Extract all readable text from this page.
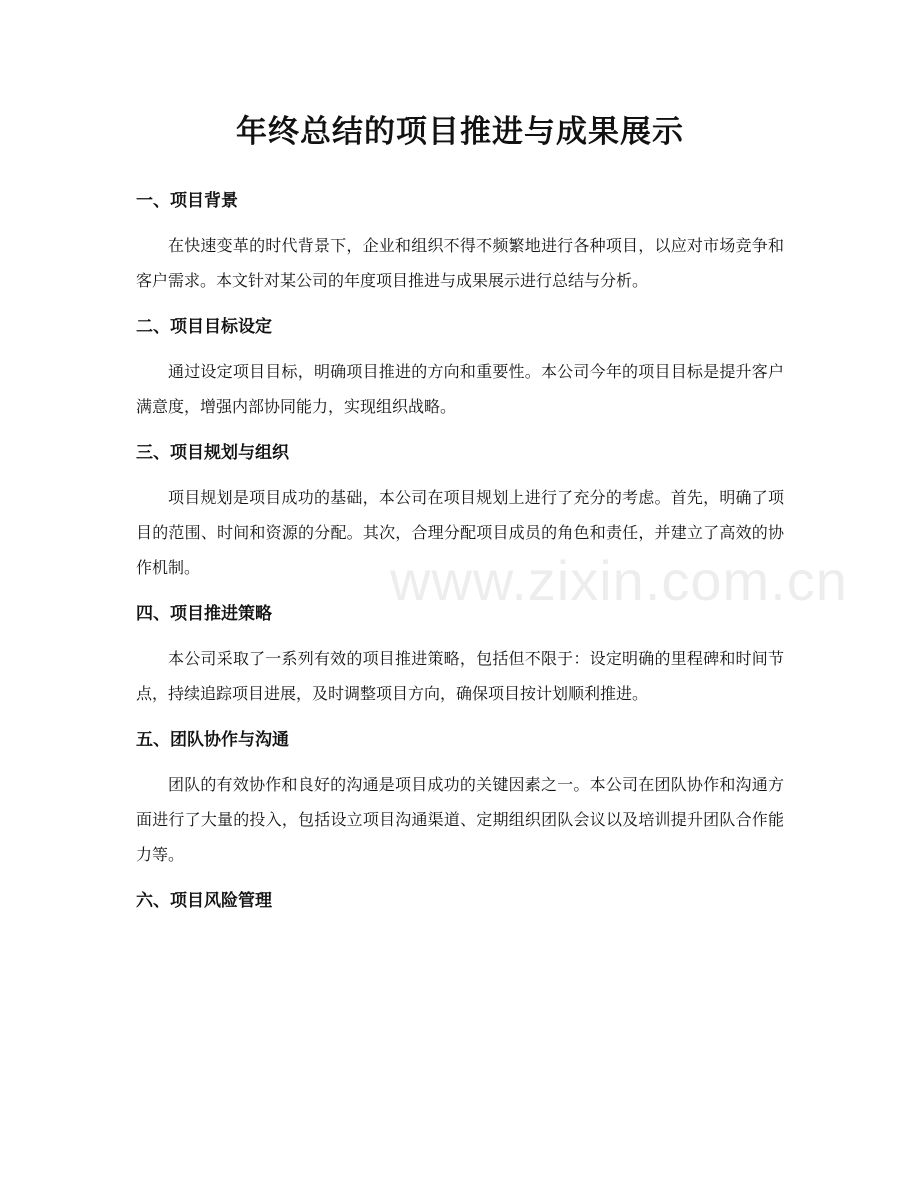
年终总结的项目推进与成果展示
www.zixin.com.cn
一、项目背景

在快速变革的时代背景下，企业和组织不得不频繁地进行各种项目，以应对市场竞争和客户需求。本文针对某公司的年度项目推进与成果展示进行总结与分析。

二、项目目标设定

通过设定项目目标，明确项目推进的方向和重要性。本公司今年的项目目标是提升客户满意度，增强内部协同能力，实现组织战略。

三、项目规划与组织

项目规划是项目成功的基础，本公司在项目规划上进行了充分的考虑。首先，明确了项目的范围、时间和资源的分配。其次，合理分配项目成员的角色和责任，并建立了高效的协作机制。

四、项目推进策略

本公司采取了一系列有效的项目推进策略，包括但不限于：设定明确的里程碑和时间节点，持续追踪项目进展，及时调整项目方向，确保项目按计划顺利推进。

五、团队协作与沟通

团队的有效协作和良好的沟通是项目成功的关键因素之一。本公司在团队协作和沟通方面进行了大量的投入，包括设立项目沟通渠道、定期组织团队会议以及培训提升团队合作能力等。

六、项目风险管理
